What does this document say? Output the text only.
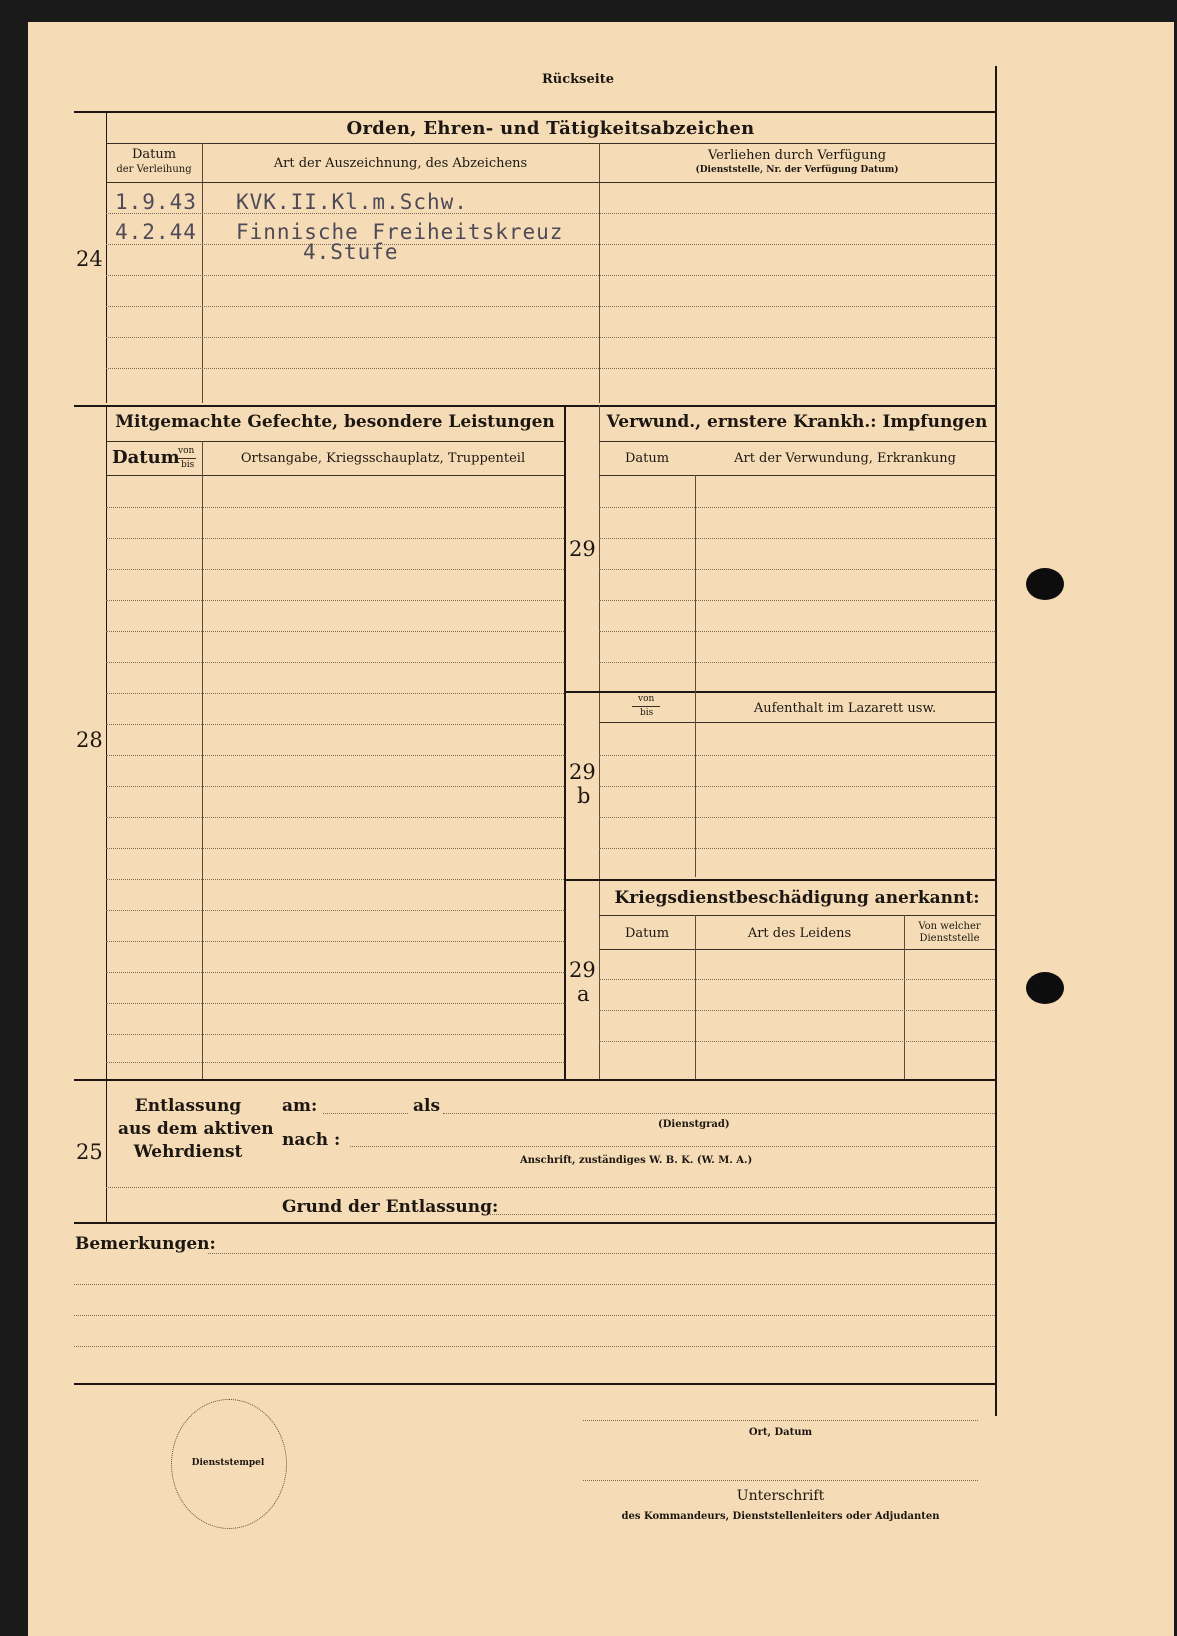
Rückseite
Orden, Ehren- und Tätigkeitsabzeichen
24
Datum
der Verleihung	Art der Auszeichnung, des Abzeichens
Verliehen durch Verfügung
(Dienststelle, Nr. der Verfügung Datum)
1.9.43 KVK.II.Kl.m.Schw.
4.2.44 Finnische Freiheitskreuz
4.Stufe
Mitgemachte Gefechte, besondere Leistungen
Datum
von
bis	Ortsangabe, Kriegsschauplatz, Truppenteil
28
Verwund., ernstere Krankh.: Impfungen
Datum	Art der Verwundung, Erkrankung
29
von
bis	Aufenthalt im Lazarett usw.
29
b
Kriegsdienstbeschädigung anerkannt:
Datum	Art des Leidens	Von welcher
Dienststelle
29
a
25
Entlassung
aus dem aktiven
Wehrdienst
am:	als
(Dienstgrad)
nach :
Anschrift, zuständiges W. B. K. (W. M. A.)
Grund der Entlassung:
Bemerkungen:
Dienststempel
Ort, Datum
Unterschrift
des Kommandeurs, Dienststellenleiters oder Adjudanten
